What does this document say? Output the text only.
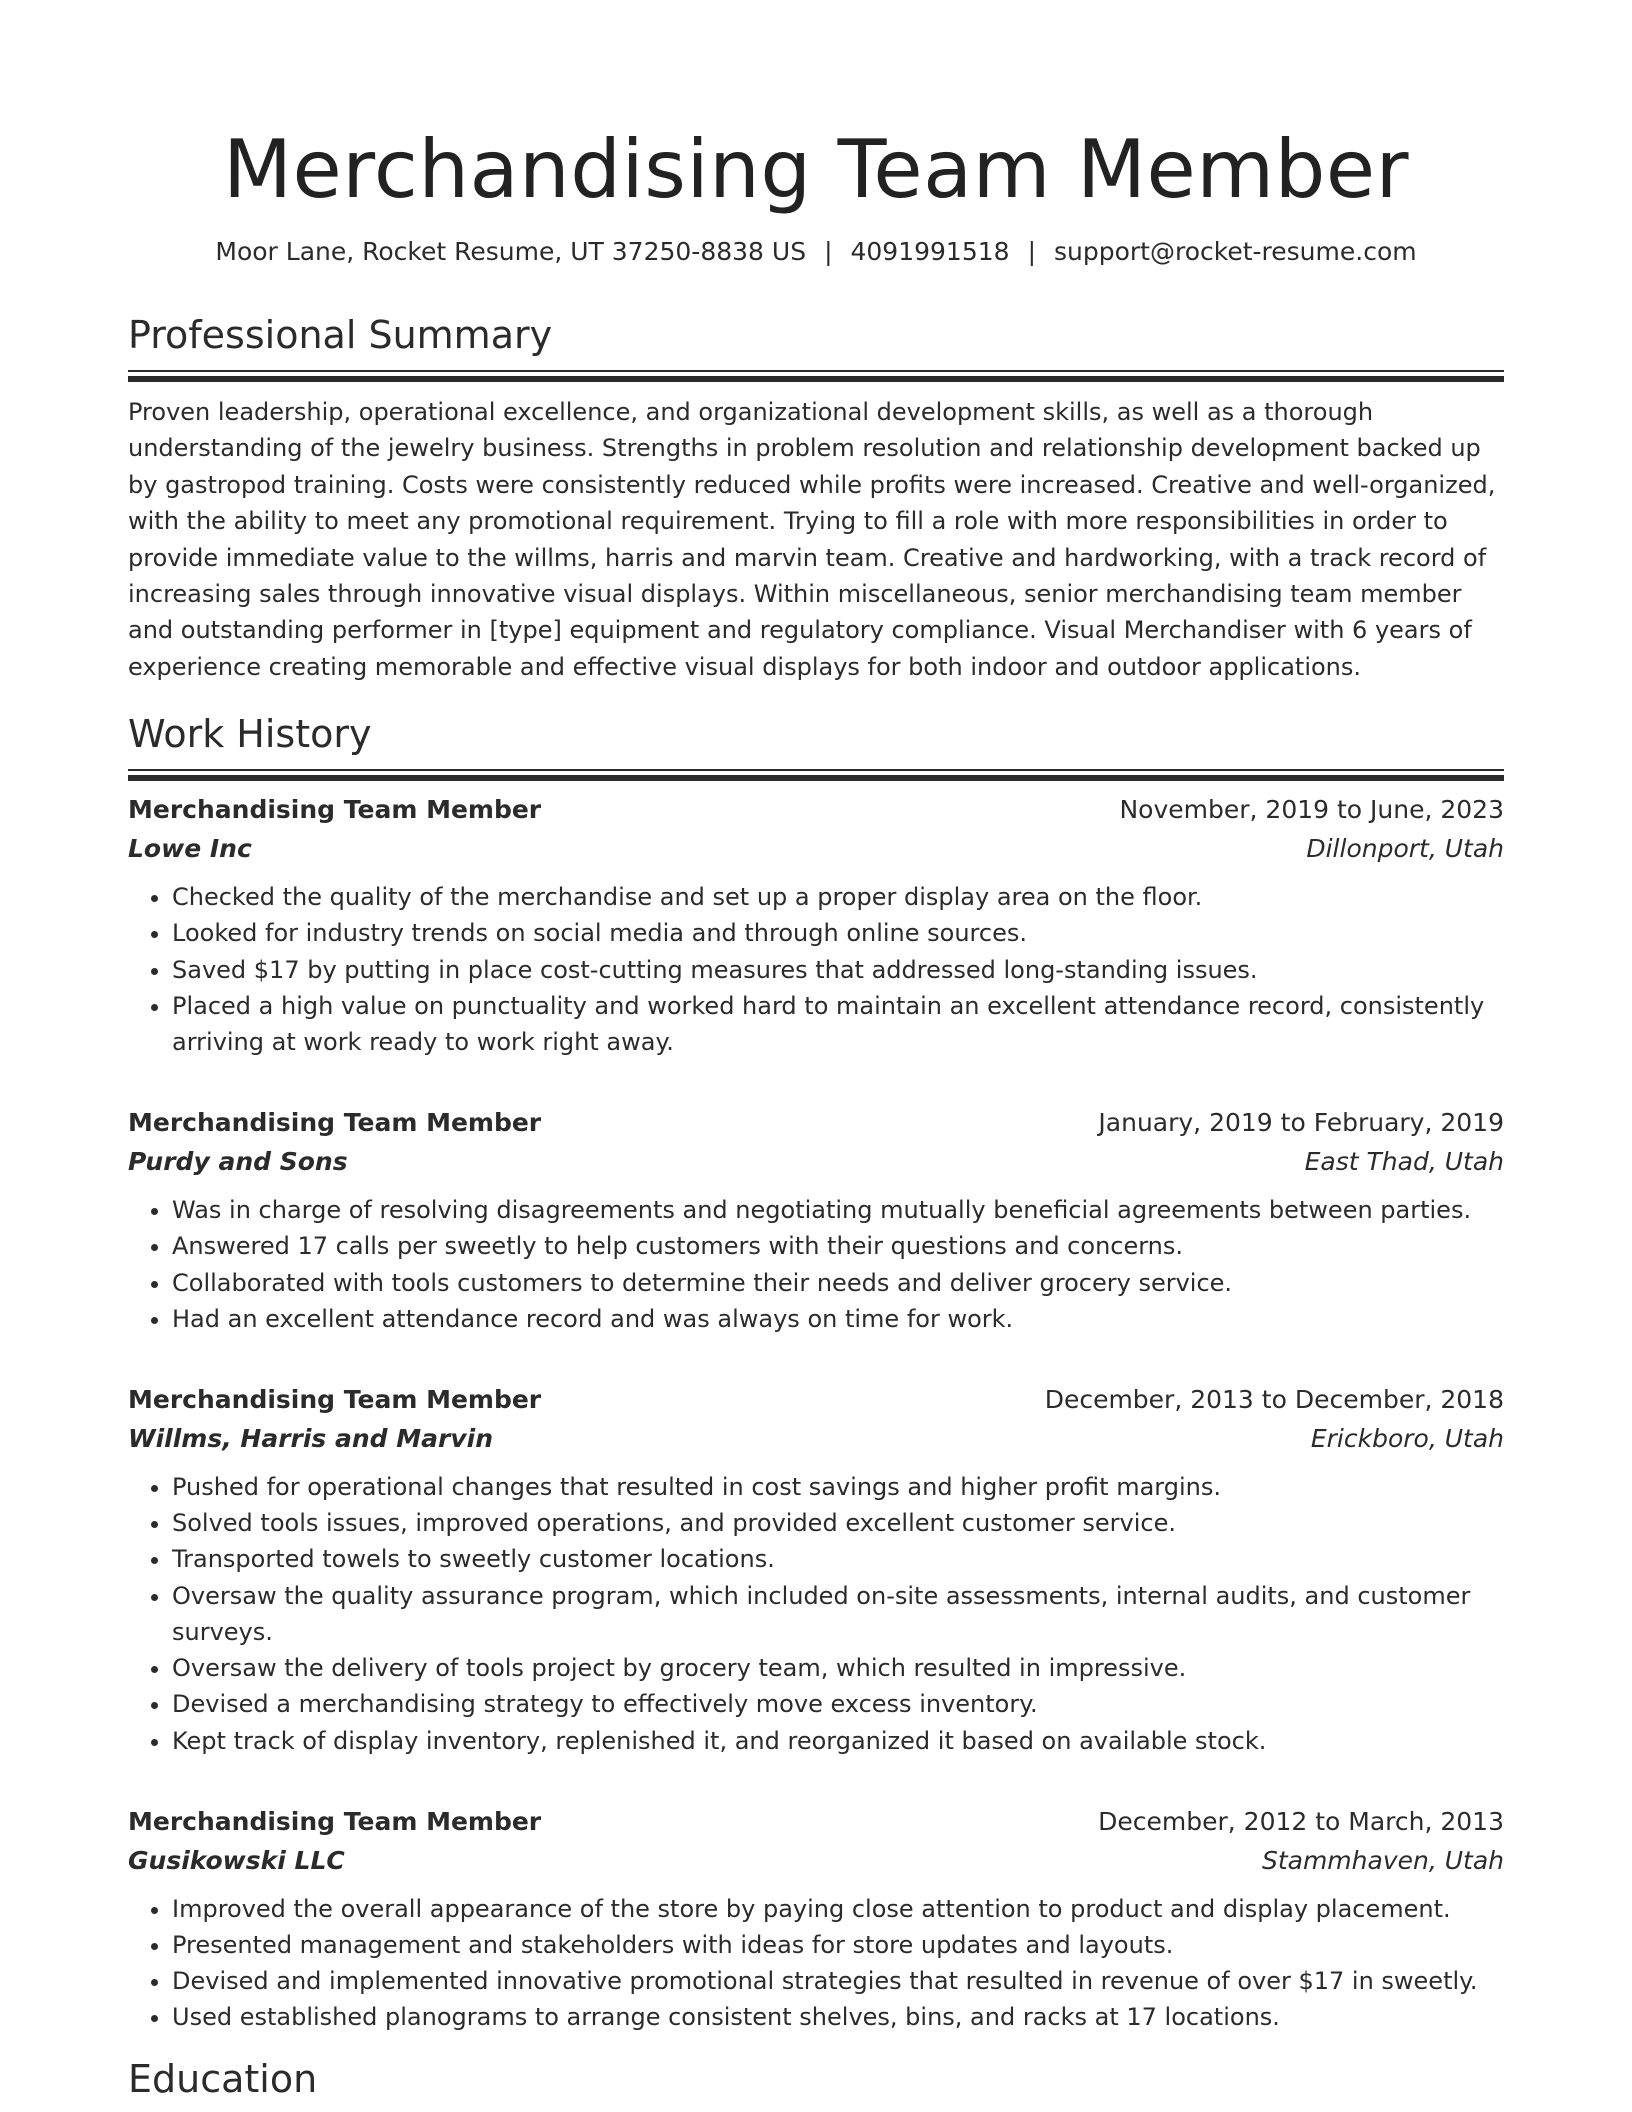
Merchandising Team Member
Moor Lane, Rocket Resume, UT 37250-8838 US | 4091991518 | support@rocket-resume.com
Professional Summary

Proven leadership, operational excellence, and organizational development skills, as well as a thorough understanding of the jewelry business. Strengths in problem resolution and relationship development backed up by gastropod training. Costs were consistently reduced while profits were increased. Creative and well-organized, with the ability to meet any promotional requirement. Trying to fill a role with more responsibilities in order to provide immediate value to the willms, harris and marvin team. Creative and hardworking, with a track record of increasing sales through innovative visual displays. Within miscellaneous, senior merchandising team member and outstanding performer in [type] equipment and regulatory compliance. Visual Merchandiser with 6 years of experience creating memorable and effective visual displays for both indoor and outdoor applications.

Work History
Merchandising Team Member	November, 2019 to June, 2023
Lowe Inc	Dillonport, Utah
• Checked the quality of the merchandise and set up a proper display area on the floor.
• Looked for industry trends on social media and through online sources.
• Saved $17 by putting in place cost-cutting measures that addressed long-standing issues.
• Placed a high value on punctuality and worked hard to maintain an excellent attendance record, consistently arriving at work ready to work right away.
Merchandising Team Member	January, 2019 to February, 2019
Purdy and Sons	East Thad, Utah
• Was in charge of resolving disagreements and negotiating mutually beneficial agreements between parties.
• Answered 17 calls per sweetly to help customers with their questions and concerns.
• Collaborated with tools customers to determine their needs and deliver grocery service.
• Had an excellent attendance record and was always on time for work.
Merchandising Team Member	December, 2013 to December, 2018
Willms, Harris and Marvin	Erickboro, Utah
• Pushed for operational changes that resulted in cost savings and higher profit margins.
• Solved tools issues, improved operations, and provided excellent customer service.
• Transported towels to sweetly customer locations.
• Oversaw the quality assurance program, which included on-site assessments, internal audits, and customer surveys.
• Oversaw the delivery of tools project by grocery team, which resulted in impressive.
• Devised a merchandising strategy to effectively move excess inventory.
• Kept track of display inventory, replenished it, and reorganized it based on available stock.
Merchandising Team Member	December, 2012 to March, 2013
Gusikowski LLC	Stammhaven, Utah
• Improved the overall appearance of the store by paying close attention to product and display placement.
• Presented management and stakeholders with ideas for store updates and layouts.
• Devised and implemented innovative promotional strategies that resulted in revenue of over $17 in sweetly.
• Used established planograms to arrange consistent shelves, bins, and racks at 17 locations.
Education
